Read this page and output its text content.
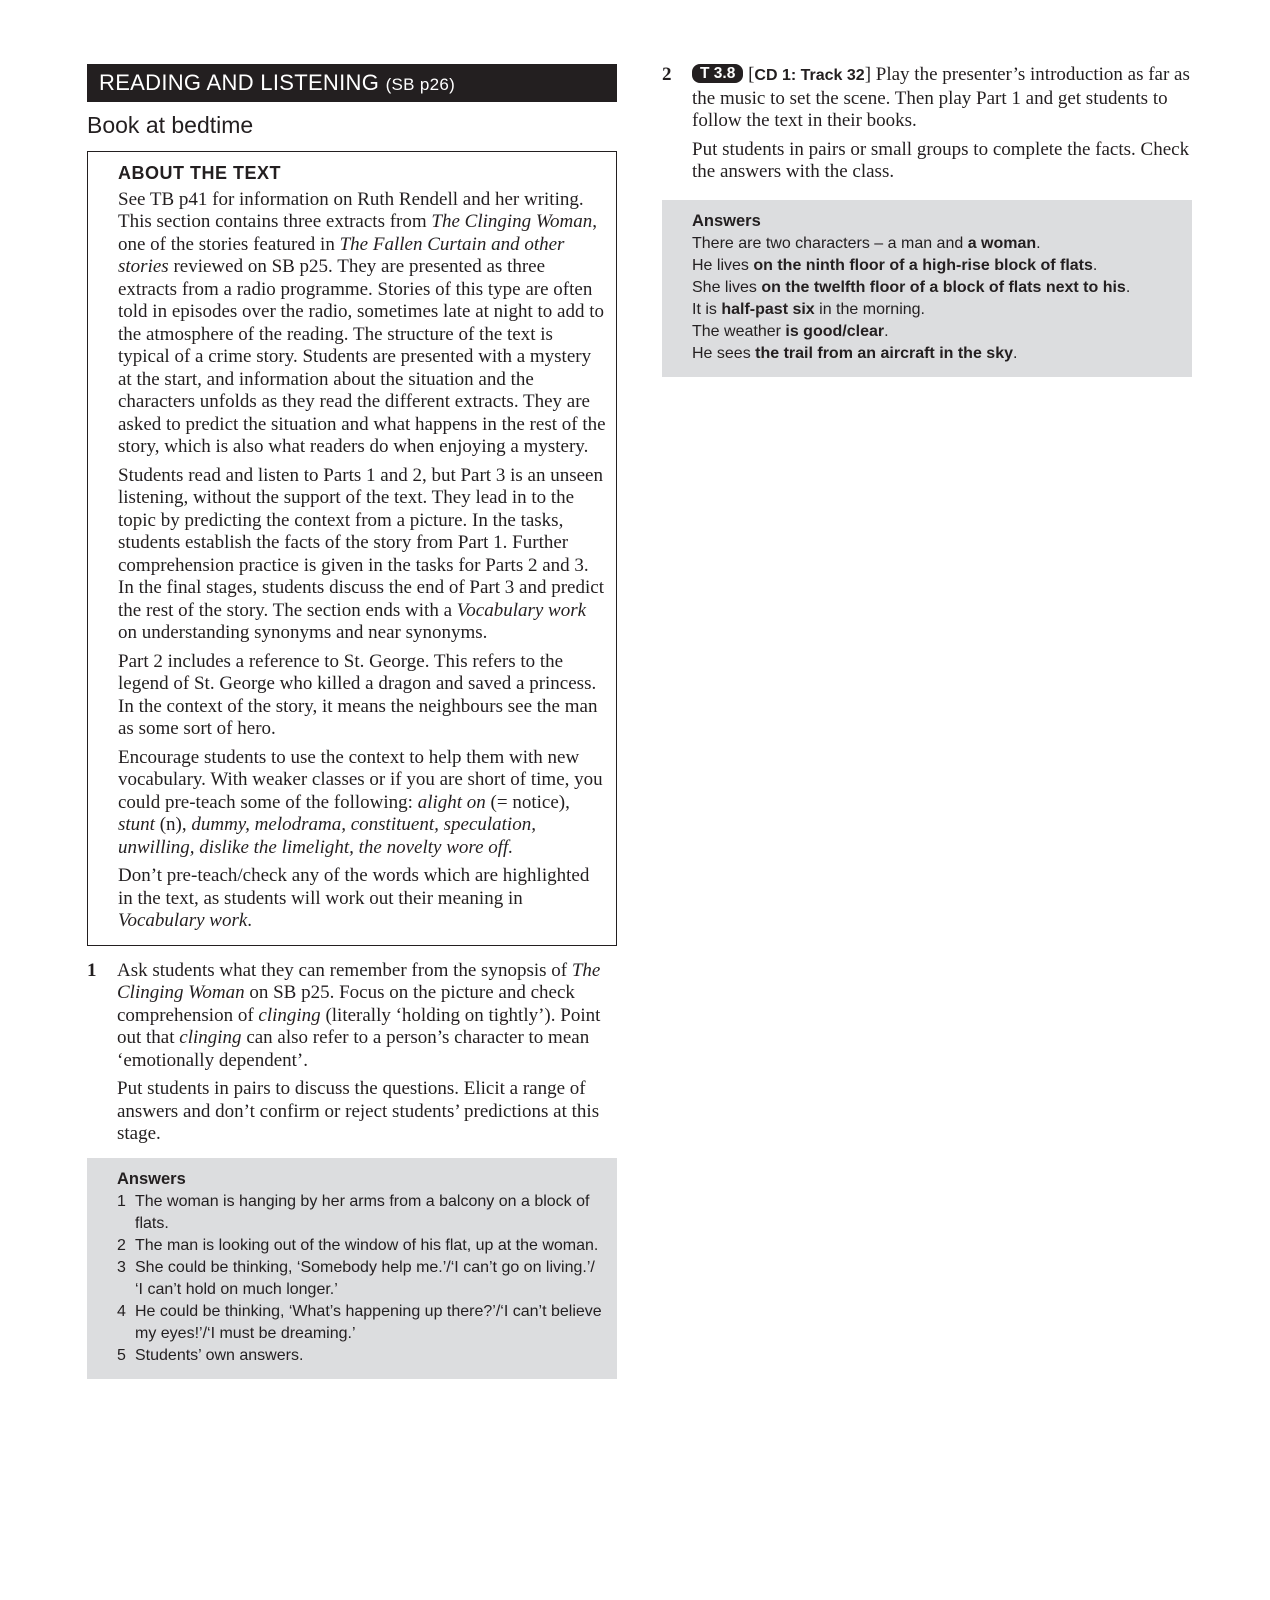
READING AND LISTENING (SB p26)
Book at bedtime
ABOUT THE TEXT

See TB p41 for information on Ruth Rendell and her writing. This section contains three extracts from The Clinging Woman, one of the stories featured in The Fallen Curtain and other stories reviewed on SB p25. They are presented as three extracts from a radio programme. Stories of this type are often told in episodes over the radio, sometimes late at night to add to the atmosphere of the reading. The structure of the text is typical of a crime story. Students are presented with a mystery at the start, and information about the situation and the characters unfolds as they read the different extracts. They are asked to predict the situation and what happens in the rest of the story, which is also what readers do when enjoying a mystery.

Students read and listen to Parts 1 and 2, but Part 3 is an unseen listening, without the support of the text. They lead in to the topic by predicting the context from a picture. In the tasks, students establish the facts of the story from Part 1. Further comprehension practice is given in the tasks for Parts 2 and 3. In the final stages, students discuss the end of Part 3 and predict the rest of the story. The section ends with a Vocabulary work on understanding synonyms and near synonyms.

Part 2 includes a reference to St. George. This refers to the legend of St. George who killed a dragon and saved a princess. In the context of the story, it means the neighbours see the man as some sort of hero.

Encourage students to use the context to help them with new vocabulary. With weaker classes or if you are short of time, you could pre-teach some of the following: alight on (= notice), stunt (n), dummy, melodrama, constituent, speculation, unwilling, dislike the limelight, the novelty wore off.

Don’t pre-teach/check any of the words which are highlighted in the text, as students will work out their meaning in Vocabulary work.

1 Ask students what they can remember from the synopsis of The Clinging Woman on SB p25. Focus on the picture and check comprehension of clinging (literally ‘holding on tightly’). Point out that clinging can also refer to a person’s character to mean ‘emotionally dependent’.

Put students in pairs to discuss the questions. Elicit a range of answers and don’t confirm or reject students’ predictions at this stage.

Answers
1 The woman is hanging by her arms from a balcony on a block of flats.
2 The man is looking out of the window of his flat, up at the woman.
3 She could be thinking, ‘Somebody help me.’/‘I can’t go on living.’/
‘I can’t hold on much longer.’
4 He could be thinking, ‘What’s happening up there?’/‘I can’t believe
my eyes!’/‘I must be dreaming.’
5 Students’ own answers.
2	T 3.8 [CD 1: Track 32] Play the presenter’s introduction as far as the music to set the scene. Then play Part 1 and get students to follow the text in their books.

Put students in pairs or small groups to complete the facts. Check the answers with the class.

Answers
There are two characters – a man and a woman.
He lives on the ninth floor of a high-rise block of flats.
She lives on the twelfth floor of a block of flats next to his.
It is half-past six in the morning.
The weather is good/clear.
He sees the trail from an aircraft in the sky.
